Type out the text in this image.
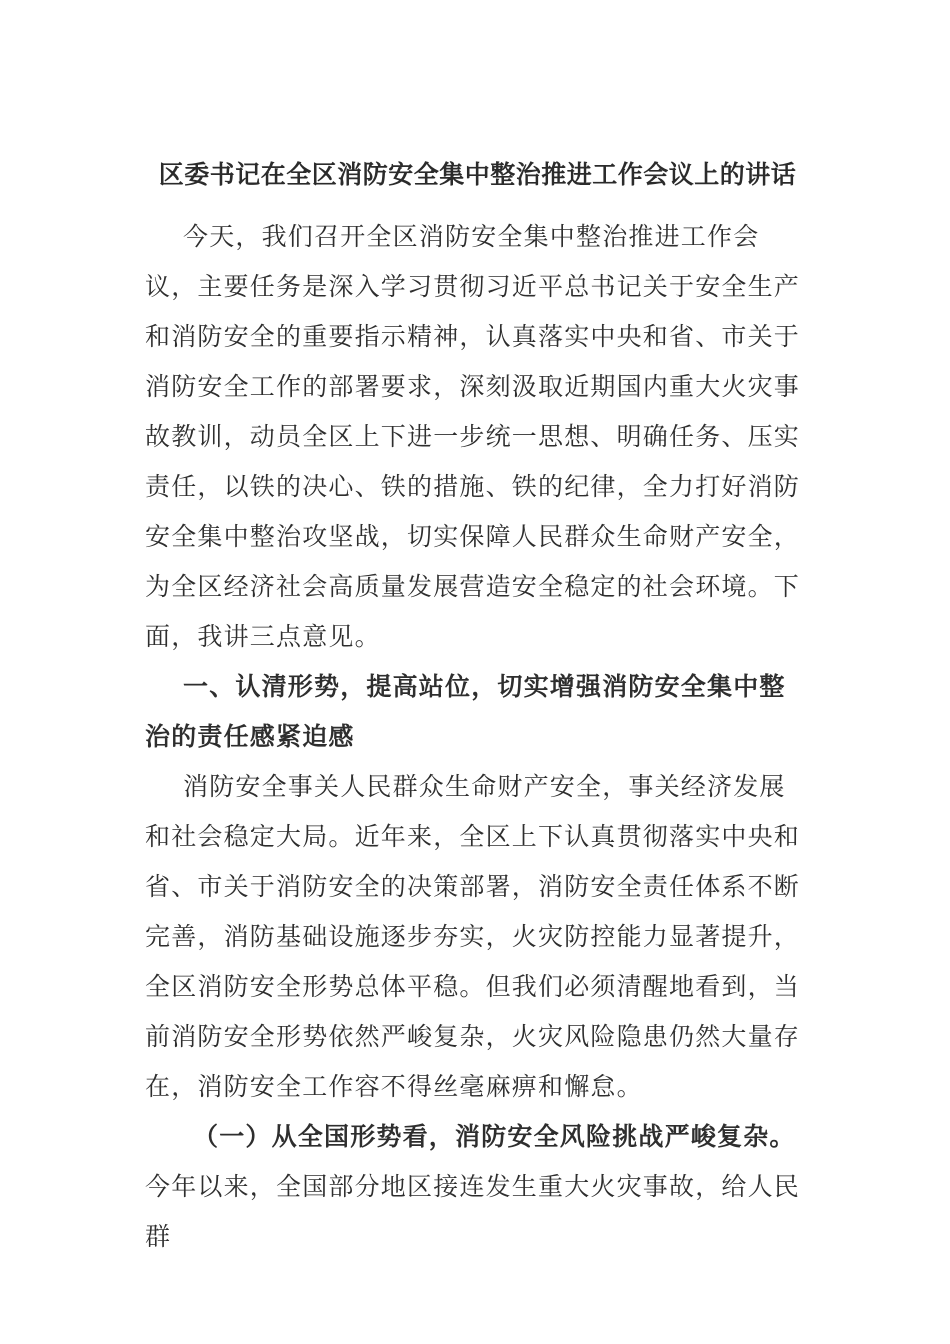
区委书记在全区消防安全集中整治推进工作会议上的讲话
今天，我们召开全区消防安全集中整治推进工作会议，主要任务是深入学习贯彻习近平总书记关于安全生产和消防安全的重要指示精神，认真落实中央和省、市关于消防安全工作的部署要求，深刻汲取近期国内重大火灾事故教训，动员全区上下进一步统一思想、明确任务、压实责任，以铁的决心、铁的措施、铁的纪律，全力打好消防安全集中整治攻坚战，切实保障人民群众生命财产安全，为全区经济社会高质量发展营造安全稳定的社会环境。下面，我讲三点意见。
一、认清形势，提高站位，切实增强消防安全集中整治的责任感紧迫感
消防安全事关人民群众生命财产安全，事关经济发展和社会稳定大局。近年来，全区上下认真贯彻落实中央和省、市关于消防安全的决策部署，消防安全责任体系不断完善，消防基础设施逐步夯实，火灾防控能力显著提升，全区消防安全形势总体平稳。但我们必须清醒地看到，当前消防安全形势依然严峻复杂，火灾风险隐患仍然大量存在，消防安全工作容不得丝毫麻痹和懈怠。
（一）从全国形势看，消防安全风险挑战严峻复杂。今年以来，全国部分地区接连发生重大火灾事故，给人民群
